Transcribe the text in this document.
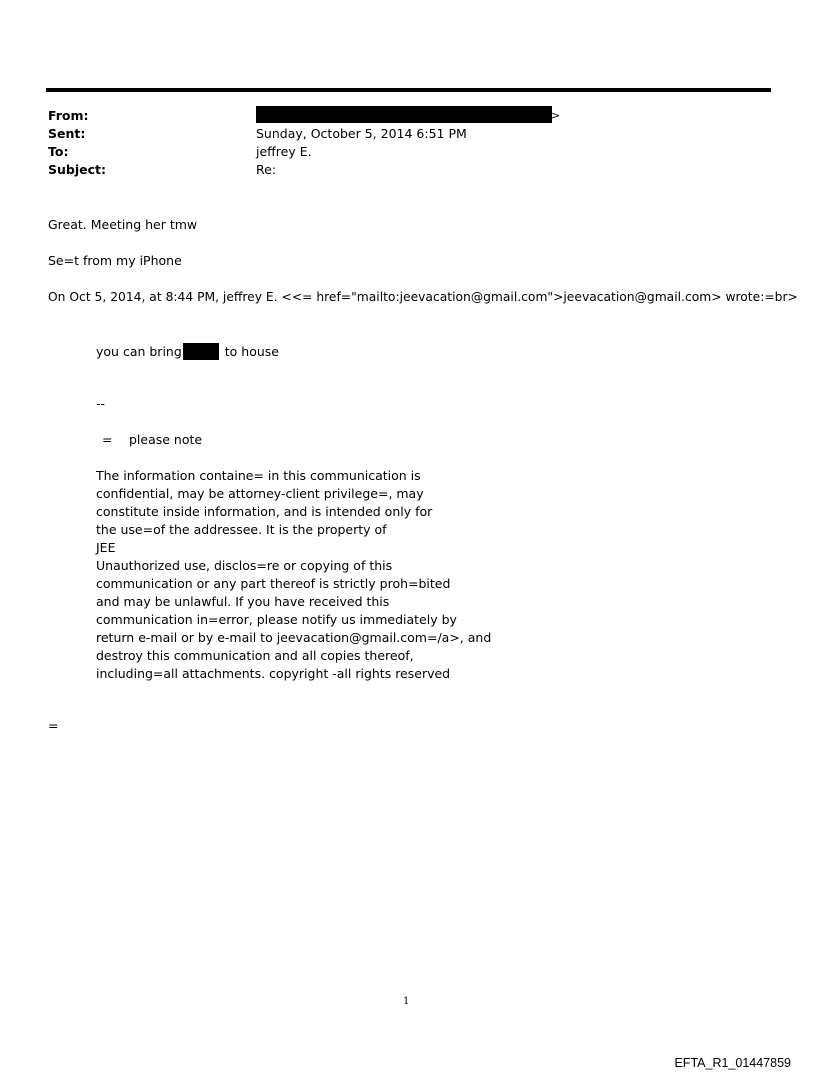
From:	>
Sent:	Sunday, October 5, 2014 6:51 PM
To:	jeffrey E.
Subject:	Re:
Great. Meeting her tmw
Se=t from my iPhone
On Oct 5, 2014, at 8:44 PM, jeffrey E. <<= href="mailto:jeevacation@gmail.com">jeevacation@gmail.com> wrote:=br>
you can bring	to house
--
= please note
The information containe= in this communication is
confidential, may be attorney-client privilege=, may
constitute inside information, and is intended only for
the use=of the addressee. It is the property of
JEE
Unauthorized use, disclos=re or copying of this
communication or any part thereof is strictly proh=bited
and may be unlawful. If you have received this
communication in=error, please notify us immediately by
return e-mail or by e-mail to jeevacation@gmail.com=/a>, and
destroy this communication and all copies thereof,
including=all attachments. copyright -all rights reserved
=
1
EFTA_R1_01447859
